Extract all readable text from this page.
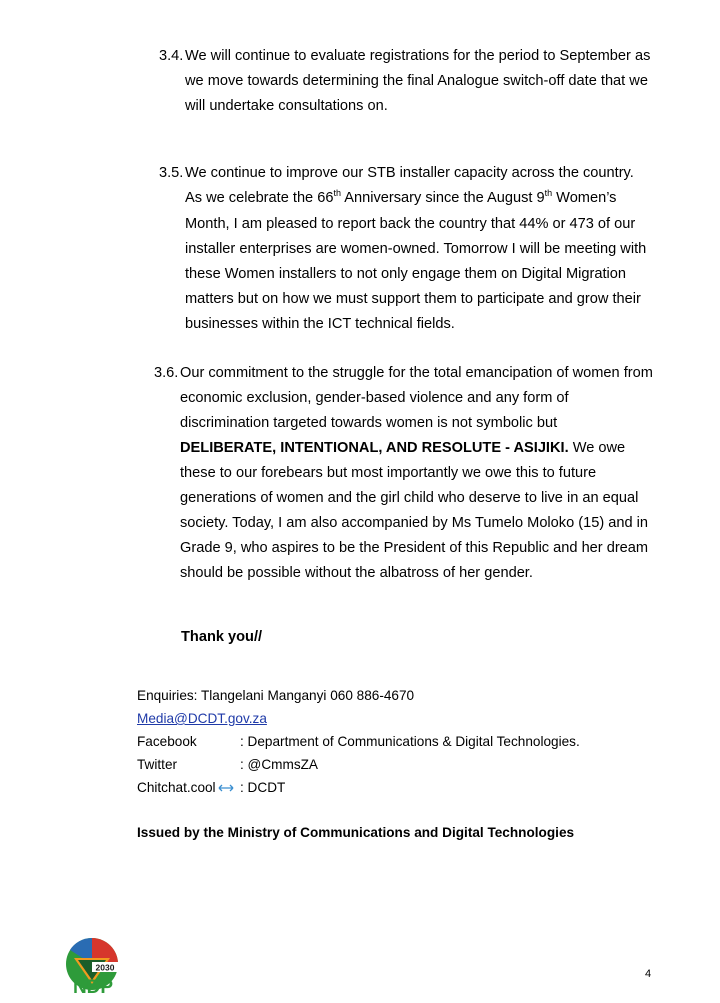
3.4. We will continue to evaluate registrations for the period to September as
we move towards determining the final Analogue switch-off date that we
will undertake consultations on.
3.5. We continue to improve our STB installer capacity across the country.
As we celebrate the 66th Anniversary since the August 9th Women’s
Month, I am pleased to report back the country that 44% or 473 of our
installer enterprises are women-owned. Tomorrow I will be meeting with
these Women installers to not only engage them on Digital Migration
matters but on how we must support them to participate and grow their
businesses within the ICT technical fields.
3.6. Our commitment to the struggle for the total emancipation of women from
economic exclusion, gender-based violence and any form of
discrimination targeted towards women is not symbolic but
DELIBERATE, INTENTIONAL, AND RESOLUTE - ASIJIKI. We owe
these to our forebears but most importantly we owe this to future
generations of women and the girl child who deserve to live in an equal
society. Today, I am also accompanied by Ms Tumelo Moloko (15) and in
Grade 9, who aspires to be the President of this Republic and her dream
should be possible without the albatross of her gender.
Thank you//
Enquiries: Tlangelani Manganyi 060 886-4670
Media@DCDT.gov.za
Facebook	: Department of Communications & Digital Technologies.
Twitter	: @CmmsZA
Chitchat.cool : DCDT
Issued by the Ministry of Communications and Digital Technologies
2030
NDP
4
